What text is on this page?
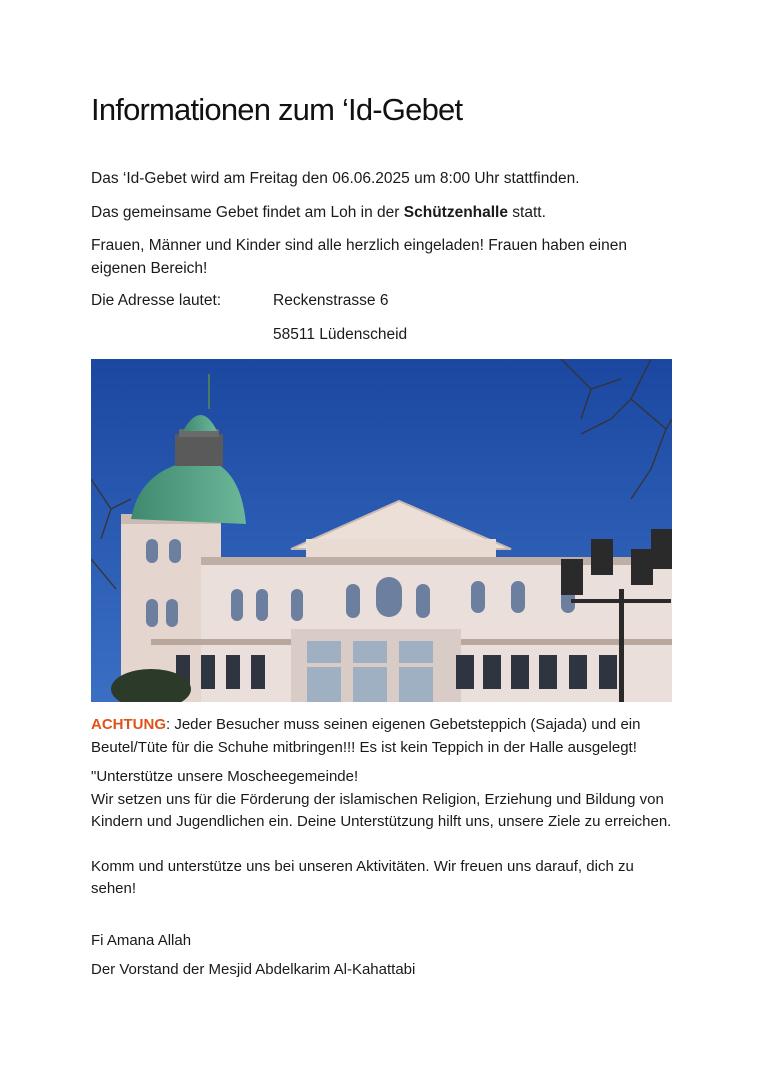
Informationen zum ‘Id-Gebet
Das ‘Id-Gebet wird am Freitag den 06.06.2025 um 8:00 Uhr stattfinden.
Das gemeinsame Gebet findet am Loh in der Schützenhalle statt.
Frauen, Männer und Kinder sind alle herzlich eingeladen! Frauen haben einen eigenen Bereich!
Die Adresse lautet:	Reckenstrasse 6
58511 Lüdenscheid
ACHTUNG: Jeder Besucher muss seinen eigenen Gebetsteppich (Sajada) und ein Beutel/Tüte für die Schuhe mitbringen!!! Es ist kein Teppich in der Halle ausgelegt!

"Unterstütze unsere Moscheegemeinde!

Wir setzen uns für die Förderung der islamischen Religion, Erziehung und Bildung von Kindern und Jugendlichen ein. Deine Unterstützung hilft uns, unsere Ziele zu erreichen.

Komm und unterstütze uns bei unseren Aktivitäten. Wir freuen uns darauf, dich zu sehen!

Fi Amana Allah
Der Vorstand der Mesjid Abdelkarim Al-Kahattabi
